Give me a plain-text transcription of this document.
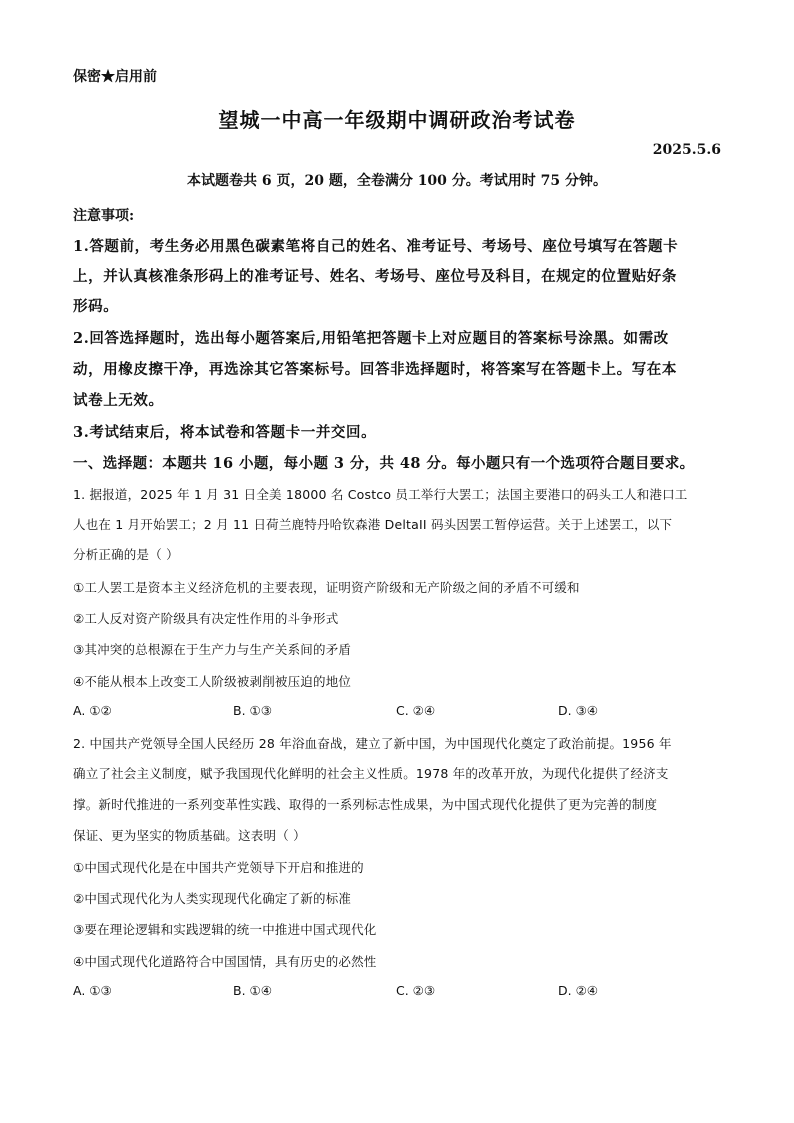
保密★启用前
望城一中高一年级期中调研政治考试卷
2025.5.6
本试题卷共 6 页，20 题，全卷满分 100 分。考试用时 75 分钟。
注意事项:
1.答题前，考生务必用黑色碳素笔将自己的姓名、准考证号、考场号、座位号填写在答题卡
上，并认真核准条形码上的准考证号、姓名、考场号、座位号及科目，在规定的位置贴好条
形码。
2.回答选择题时，选出每小题答案后,用铅笔把答题卡上对应题目的答案标号涂黑。如需改
动，用橡皮擦干净，再选涂其它答案标号。回答非选择题时，将答案写在答题卡上。写在本
试卷上无效。
3.考试结束后，将本试卷和答题卡一并交回。
一、选择题：本题共 16 小题，每小题 3 分，共 48 分。每小题只有一个选项符合题目要求。
1. 据报道，2025 年 1 月 31 日全美 18000 名 Costco 员工举行大罢工；法国主要港口的码头工人和港口工
人也在 1 月开始罢工；2 月 11 日荷兰鹿特丹哈钦森港 DeltaII 码头因罢工暂停运营。关于上述罢工，以下
分析正确的是（ ）
①工人罢工是资本主义经济危机的主要表现，证明资产阶级和无产阶级之间的矛盾不可缓和
②工人反对资产阶级具有决定性作用的斗争形式
③其冲突的总根源在于生产力与生产关系间的矛盾
④不能从根本上改变工人阶级被剥削被压迫的地位
A. ①②	B. ①③	C. ②④	D. ③④
2. 中国共产党领导全国人民经历 28 年浴血奋战，建立了新中国，为中国现代化奠定了政治前提。1956 年
确立了社会主义制度，赋予我国现代化鲜明的社会主义性质。1978 年的改革开放，为现代化提供了经济支
撑。新时代推进的一系列变革性实践、取得的一系列标志性成果，为中国式现代化提供了更为完善的制度
保证、更为坚实的物质基础。这表明（ ）
①中国式现代化是在中国共产党领导下开启和推进的
②中国式现代化为人类实现现代化确定了新的标准
③要在理论逻辑和实践逻辑的统一中推进中国式现代化
④中国式现代化道路符合中国国情，具有历史的必然性
A. ①③	B. ①④	C. ②③	D. ②④
